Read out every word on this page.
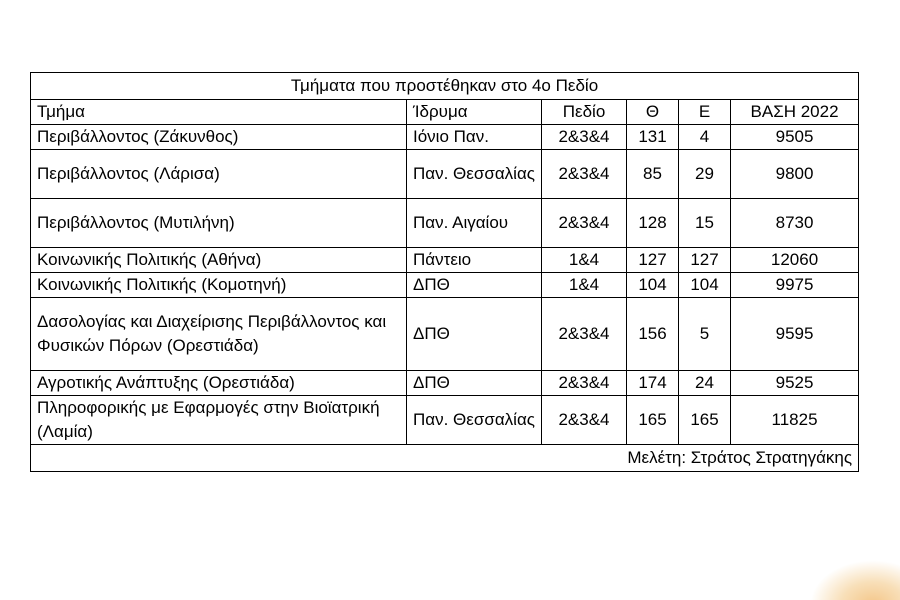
Τμήματα που προστέθηκαν στο 4ο Πεδίο					
Τμήμα	Ίδρυμα	Πεδίο	Θ	Ε	ΒΑΣΗ 2022
Περιβάλλοντος (Ζάκυνθος)	Ιόνιο Παν.	2&3&4	131	4	9505
Περιβάλλοντος (Λάρισα)	Παν. Θεσσαλίας	2&3&4	85	29	9800
Περιβάλλοντος (Μυτιλήνη)	Παν. Αιγαίου	2&3&4	128	15	8730
Κοινωνικής Πολιτικής (Αθήνα)	Πάντειο	1&4	127	127	12060
Κοινωνικής Πολιτικής (Κομοτηνή)	ΔΠΘ	1&4	104	104	9975
Δασολογίας και Διαχείρισης Περιβάλλοντος και Φυσικών Πόρων (Ορεστιάδα)	ΔΠΘ	2&3&4	156	5	9595
Αγροτικής Ανάπτυξης (Ορεστιάδα)	ΔΠΘ	2&3&4	174	24	9525
Πληροφορικής με Εφαρμογές στην Βιοϊατρική (Λαμία)	Παν. Θεσσαλίας	2&3&4	165	165	11825
Μελέτη: Στράτος Στρατηγάκης					
